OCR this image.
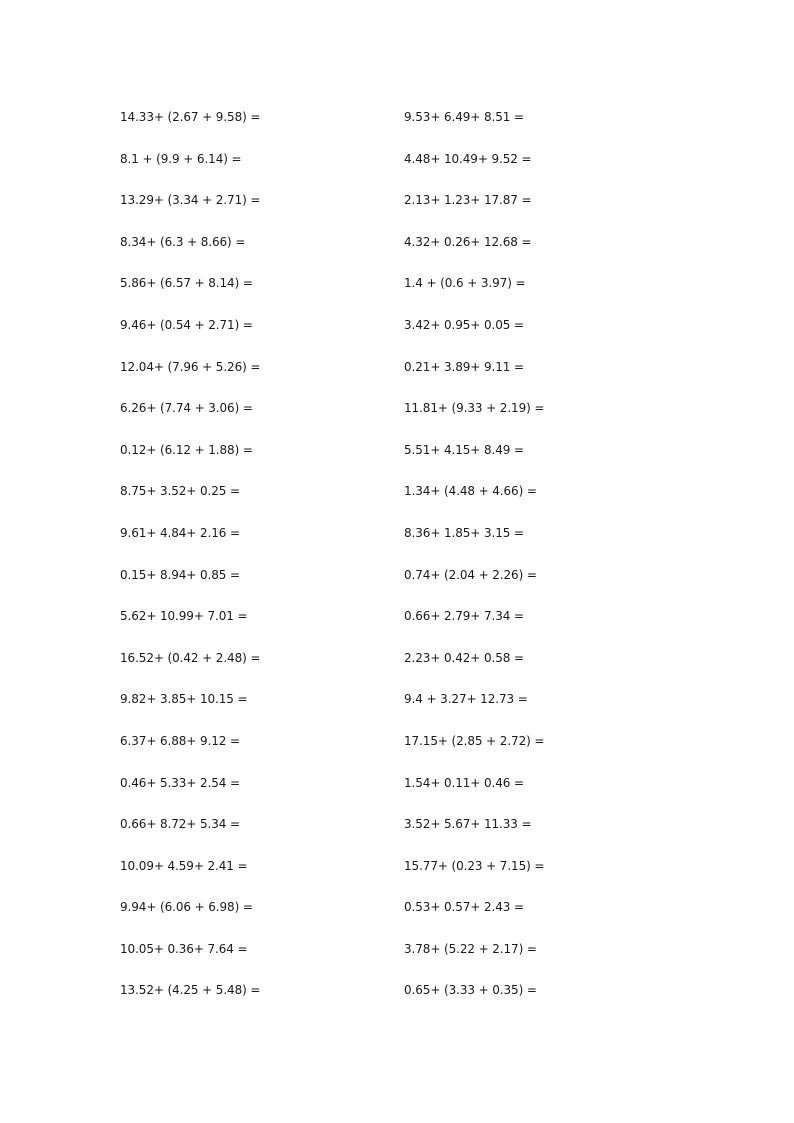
14.33+ (2.67 + 9.58) =	9.53+ 6.49+ 8.51 =
8.1 + (9.9 + 6.14) =	4.48+ 10.49+ 9.52 =
13.29+ (3.34 + 2.71) =	2.13+ 1.23+ 17.87 =
8.34+ (6.3 + 8.66) =	4.32+ 0.26+ 12.68 =
5.86+ (6.57 + 8.14) =	1.4 + (0.6 + 3.97) =
9.46+ (0.54 + 2.71) =	3.42+ 0.95+ 0.05 =
12.04+ (7.96 + 5.26) =	0.21+ 3.89+ 9.11 =
6.26+ (7.74 + 3.06) =	11.81+ (9.33 + 2.19) =
0.12+ (6.12 + 1.88) =	5.51+ 4.15+ 8.49 =
8.75+ 3.52+ 0.25 =	1.34+ (4.48 + 4.66) =
9.61+ 4.84+ 2.16 =	8.36+ 1.85+ 3.15 =
0.15+ 8.94+ 0.85 =	0.74+ (2.04 + 2.26) =
5.62+ 10.99+ 7.01 =	0.66+ 2.79+ 7.34 =
16.52+ (0.42 + 2.48) =	2.23+ 0.42+ 0.58 =
9.82+ 3.85+ 10.15 =	9.4 + 3.27+ 12.73 =
6.37+ 6.88+ 9.12 =	17.15+ (2.85 + 2.72) =
0.46+ 5.33+ 2.54 =	1.54+ 0.11+ 0.46 =
0.66+ 8.72+ 5.34 =	3.52+ 5.67+ 11.33 =
10.09+ 4.59+ 2.41 =	15.77+ (0.23 + 7.15) =
9.94+ (6.06 + 6.98) =	0.53+ 0.57+ 2.43 =
10.05+ 0.36+ 7.64 =	3.78+ (5.22 + 2.17) =
13.52+ (4.25 + 5.48) =	0.65+ (3.33 + 0.35) =
